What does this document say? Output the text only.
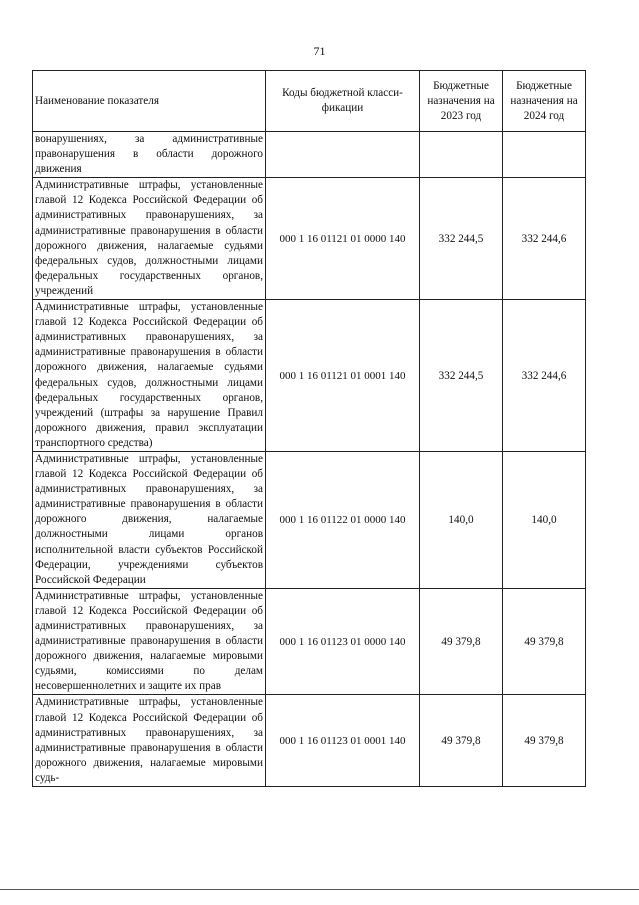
71
Наименование показателя	Коды бюджетной класси-фикации	Бюджетные назначения на 2023 год	Бюджетные назначения на 2024 год
вонарушениях, за административные правонарушения в области дорожного движения			
Административные штрафы, установленные главой 12 Кодекса Российской Федерации об административных правонарушениях, за административные правонарушения в области дорожного движения, налагаемые судьями федеральных судов, должностными лицами федеральных государственных органов, учреждений	000 1 16 01121 01 0000 140	332 244,5	332 244,6
Административные штрафы, установленные главой 12 Кодекса Российской Федерации об административных правонарушениях, за административные правонарушения в области дорожного движения, налагаемые судьями федеральных судов, должностными лицами федеральных государственных органов, учреждений (штрафы за нарушение Правил дорожного движения, правил эксплуатации транспортного средства)	000 1 16 01121 01 0001 140	332 244,5	332 244,6
Административные штрафы, установленные главой 12 Кодекса Российской Федерации об административных правонарушениях, за административные правонарушения в области дорожного движения, налагаемые должностными лицами органов исполнительной власти субъектов Российской Федерации, учреждениями субъектов Российской Федерации	000 1 16 01122 01 0000 140	140,0	140,0
Административные штрафы, установленные главой 12 Кодекса Российской Федерации об административных правонарушениях, за административные правонарушения в области дорожного движения, налагаемые мировыми судьями, комиссиями по делам несовершеннолетних и защите их прав	000 1 16 01123 01 0000 140	49 379,8	49 379,8
Административные штрафы, установленные главой 12 Кодекса Российской Федерации об административных правонарушениях, за административные правонарушения в области дорожного движения, налагаемые мировыми судь-	000 1 16 01123 01 0001 140	49 379,8	49 379,8
